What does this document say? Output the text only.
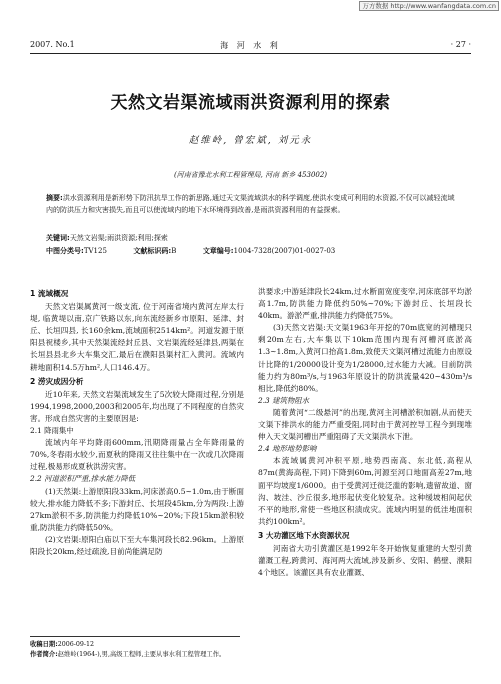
万方数据 http://www.wanfangdata.com.cn
2007. No.1	海 河 水 利	· 27 ·
天然文岩渠流域雨洪资源利用的探索
赵维岭, 曾宏斌, 刘元永
(河南省豫北水利工程管理局, 河南 新乡 453002)
摘要:洪水资源利用是新形势下防汛抗旱工作的新思路,通过天文渠流域洪水的科学调度,使洪水变成可利用的水资源,不仅可以减轻流域内的防洪压力和灾害损失,而且可以使流域内的地下水环境得到改善,是雨洪资源利用的有益探索。
关键词:天然文岩渠;雨洪资源;利用;探索
中图分类号:TV125	文献标识码:B	文章编号:1004-7328(2007)01-0027-03

1 流域概况

天然文岩渠属黄河一级支流, 位于河南省境内黄河左岸太行堤, 临黄堤以南,京广铁路以东,向东流经新乡市原阳、延津、封丘、长垣四县, 长160余km,流域面积2514km²。河道发源于原阳县祝楼乡,其中天然渠流经封丘县、文岩渠流经延津县,两渠在长垣县县北乡大车集交汇,最后在濮阳县渠村汇入黄河。流域内耕地面积14.5万hm²,人口146.4万。

2 涝灾成因分析

近10年来, 天然文岩渠流域发生了5次较大降雨过程,分别是1994,1998,2000,2003和2005年,均出现了不同程度的自然灾害。形成自然灾害的主要原因是:

2.1 降雨集中

流域内年平均降雨600mm,汛期降雨量占全年降雨量的70%,冬春雨水较少,而夏秋的降雨又往往集中在一次或几次降雨过程,极易形成夏秋洪涝灾害。

2.2 河道淤积严重,排水能力降低

(1)天然渠:上游原阳段33km,河床淤高0.5~1.0m,由于断面较大,排水能力降低不多;下游封丘、长垣段45km,分为两段:上游27km淤积不多,防洪能力约降低10%~20%;下段15km淤积较重,防洪能力约降低50%。

(2)文岩渠:原阳白庙以下至大车集河段长82.96km。上游原阳段长20km,经过疏浚,目前尚能满足防

收稿日期:2006-09-12
作者简介:赵维岭(1964-),男,高级工程师,主要从事水利工程管理工作。

洪要求;中游延津段长24km,过水断面宽度变窄,河床底部平均淤高1.7m,防洪能力降低约50%~70%;下游封丘、长垣段长40km。游淤严重,排洪能力约降低75%。

(3)天然文岩渠:天文渠1963年开挖的70m底宽的河槽现只剩20m左右,大车集以下10km范围内现有河槽河底淤高1.3~1.8m,入黄河口抬高1.8m,致使天文渠河槽过流能力由原设计比降的1/20000设计变为1/28000,过水能力大减。目前防洪能力约为80m³/s,与1963年原设计的防洪流量420~430m³/s相比,降低约80%。

2.3 建筑物阻水

随着黄河“二级悬河”的出现,黄河主河槽淤积加剧,从而使天文渠下排洪水的能力严重受阻,同时由于黄河控导工程今到现堆伸入天文渠河槽出严重阻碍了天文渠洪水下泄。

2.4 地形地势影响

本流域属黄河冲积平原,地势西南高、东北低,高程从87m(黄海高程,下同)下降到60m,河源至河口地面高差27m,地面平均坡度1/6000。由于受黄河迁徙泛滥的影响,遗留故道、窗沟、坡洼、沙丘很多,地形起伏变化较复杂。这种缓坡相间起伏不平的地形,常使一些地区积渍成灾。流域内明显的低洼地面积共约100km²。

3 大功灌区地下水资源状况

河南省大功引黄灌区是1992年冬开始恢复重建的大型引黄灌溉工程,跨黄河、海河两大流域,涉及新乡、安阳、鹤壁、濮阳4个地区。该灌区具有农业灌溉、
